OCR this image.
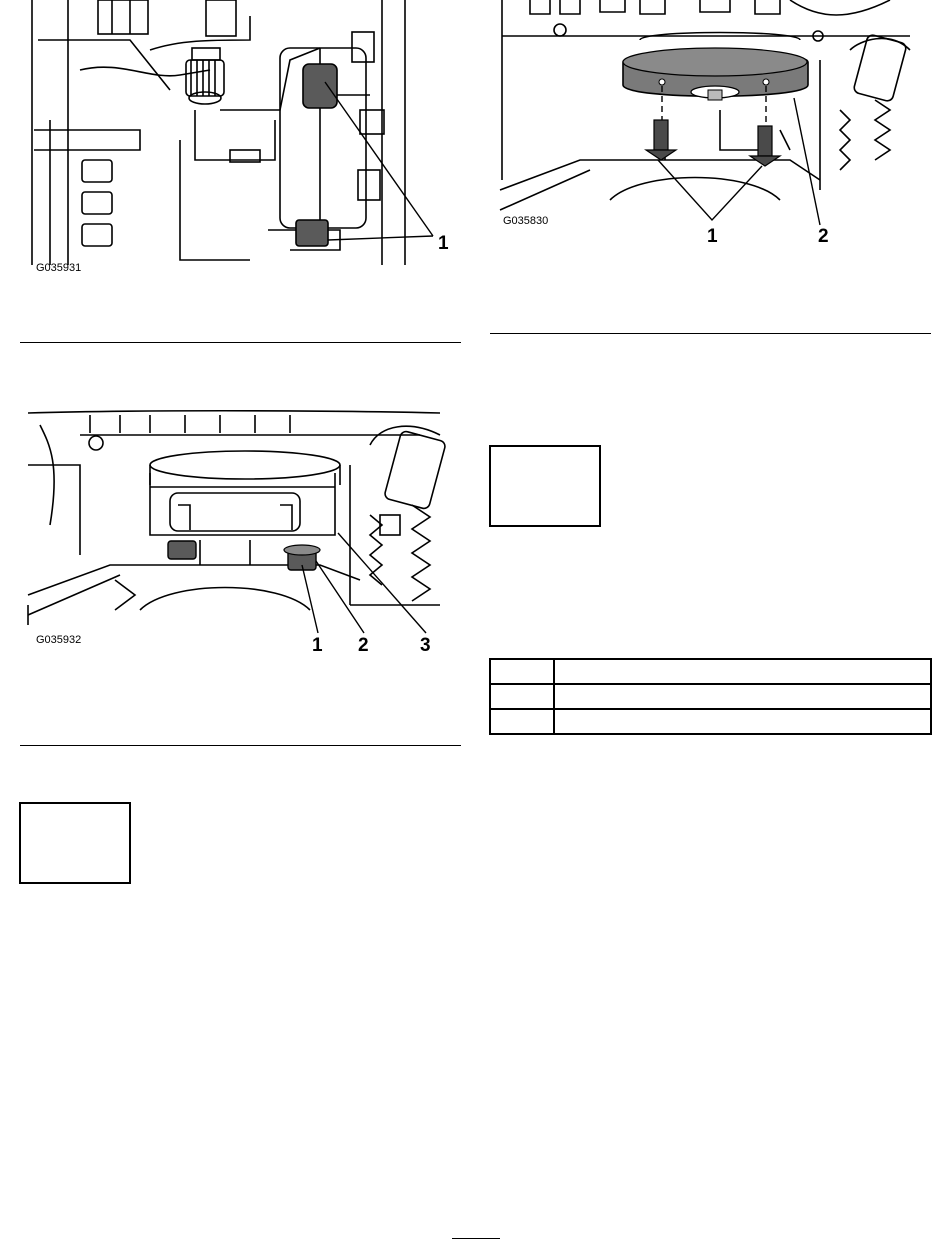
G035931
1
G035830
1	2

G035932	1 2	3
